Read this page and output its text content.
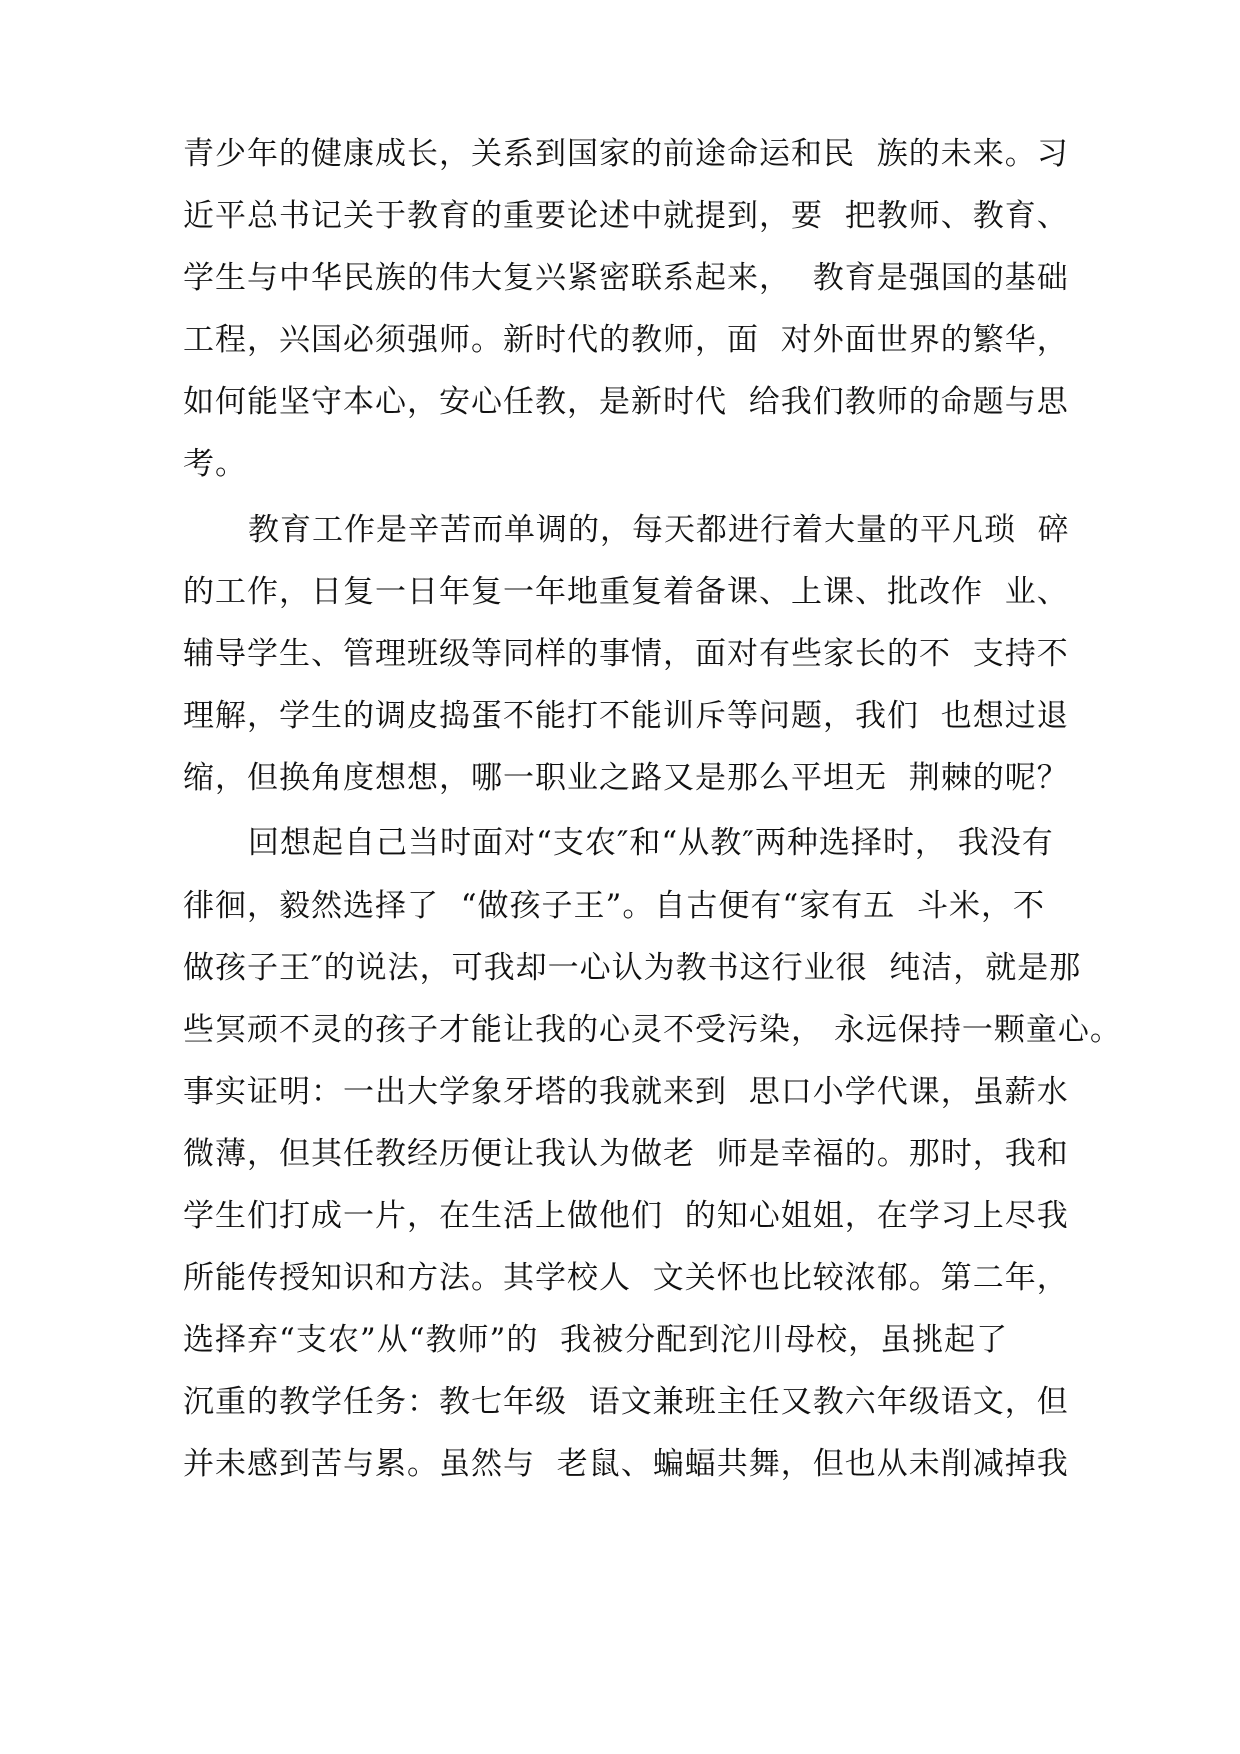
青少年的健康成长，关系到国家的前途命运和民  族的未来。习
近平总书记关于教育的重要论述中就提到，要  把教师、教育、
学生与中华民族的伟大复兴紧密联系起来，  教育是强国的基础
工程，兴国必须强师。新时代的教师，面  对外面世界的繁华，
如何能坚守本心，安心任教，是新时代  给我们教师的命题与思
考。
教育工作是辛苦而单调的，每天都进行着大量的平凡琐  碎
的工作，日复一日年复一年地重复着备课、上课、批改作  业、
辅导学生、管理班级等同样的事情，面对有些家长的不  支持不
理解，学生的调皮捣蛋不能打不能训斥等问题，我们  也想过退
缩，但换角度想想，哪一职业之路又是那么平坦无  荆棘的呢？
回想起自己当时面对“支农″和“从教″两种选择时， 我没有
徘徊，毅然选择了  “做孩子王”。自古便有“家有五  斗米，不
做孩子王″的说法，可我却一心认为教书这行业很  纯洁，就是那
些冥顽不灵的孩子才能让我的心灵不受污染， 永远保持一颗童心。
事实证明：一出大学象牙塔的我就来到  思口小学代课，虽薪水
微薄，但其任教经历便让我认为做老  师是幸福的。那时，我和
学生们打成一片，在生活上做他们  的知心姐姐，在学习上尽我
所能传授知识和方法。其学校人  文关怀也比较浓郁。第二年，
选择弃“支农”从“教师”的  我被分配到沱川母校，虽挑起了
沉重的教学任务：教七年级  语文兼班主任又教六年级语文，但
并未感到苦与累。虽然与  老鼠、蝙蝠共舞，但也从未削减掉我
